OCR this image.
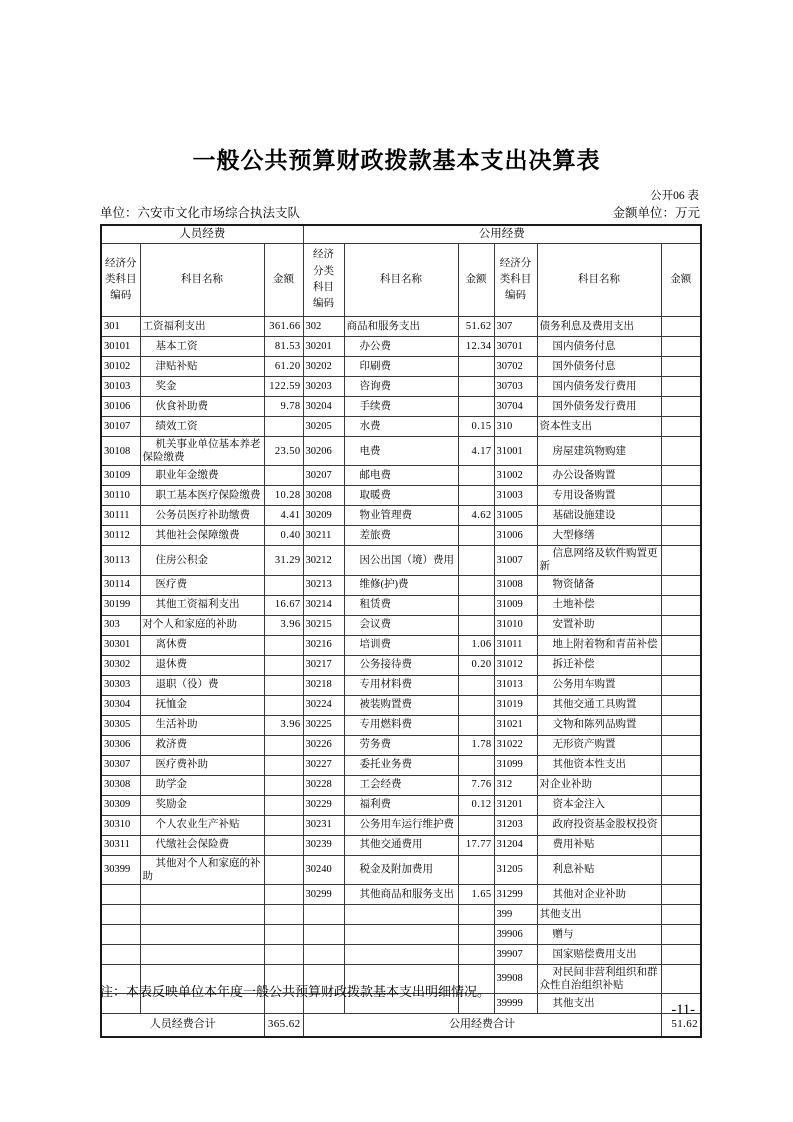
一般公共预算财政拨款基本支出决算表
公开06 表
单位：六安市文化市场综合执法支队	金额单位：万元
人员经费			公用经费					
经济分类科目编码	科目名称	金额	经济分类科目编码	科目名称	金额	经济分类科目编码	科目名称	金额
301	工资福利支出	361.66	302	商品和服务支出	51.62	307	债务利息及费用支出	
30101	基本工资	81.53	30201	办公费	12.34	30701	国内债务付息	
30102	津贴补贴	61.20	30202	印刷费		30702	国外债务付息	
30103	奖金	122.59	30203	咨询费		30703	国内债务发行费用	
30106	伙食补助费	9.78	30204	手续费		30704	国外债务发行费用	
30107	绩效工资		30205	水费	0.15	310	资本性支出	
30108	机关事业单位基本养老保险缴费	23.50	30206	电费	4.17	31001	房屋建筑物购建	
30109	职业年金缴费		30207	邮电费		31002	办公设备购置	
30110	职工基本医疗保险缴费	10.28	30208	取暖费		31003	专用设备购置	
30111	公务员医疗补助缴费	4.41	30209	物业管理费	4.62	31005	基础设施建设	
30112	其他社会保障缴费	0.40	30211	差旅费		31006	大型修缮	
30113	住房公积金	31.29	30212	因公出国（境）费用		31007	信息网络及软件购置更新	
30114	医疗费		30213	维修(护)费		31008	物资储备	
30199	其他工资福利支出	16.67	30214	租赁费		31009	土地补偿	
303	对个人和家庭的补助	3.96	30215	会议费		31010	安置补助	
30301	离休费		30216	培训费	1.06	31011	地上附着物和青苗补偿	
30302	退休费		30217	公务接待费	0.20	31012	拆迁补偿	
30303	退职（役）费		30218	专用材料费		31013	公务用车购置	
30304	抚恤金		30224	被装购置费		31019	其他交通工具购置	
30305	生活补助	3.96	30225	专用燃料费		31021	文物和陈列品购置	
30306	救济费		30226	劳务费	1.78	31022	无形资产购置	
30307	医疗费补助		30227	委托业务费		31099	其他资本性支出	
30308	助学金		30228	工会经费	7.76	312	对企业补助	
30309	奖励金		30229	福利费	0.12	31201	资本金注入	
30310	个人农业生产补贴		30231	公务用车运行维护费		31203	政府投资基金股权投资	
30311	代缴社会保险费		30239	其他交通费用	17.77	31204	费用补贴	
30399	其他对个人和家庭的补助		30240	税金及附加费用		31205	利息补贴	
			30299	其他商品和服务支出	1.65	31299	其他对企业补助	
						399	其他支出	
						39906	赠与	
						39907	国家赔偿费用支出	
						39908	对民间非营利组织和群众性自治组织补贴	
						39999	其他支出	
人员经费合计		365.62	公用经费合计					51.62
注：本表反映单位本年度一般公共预算财政拨款基本支出明细情况。
-11-
